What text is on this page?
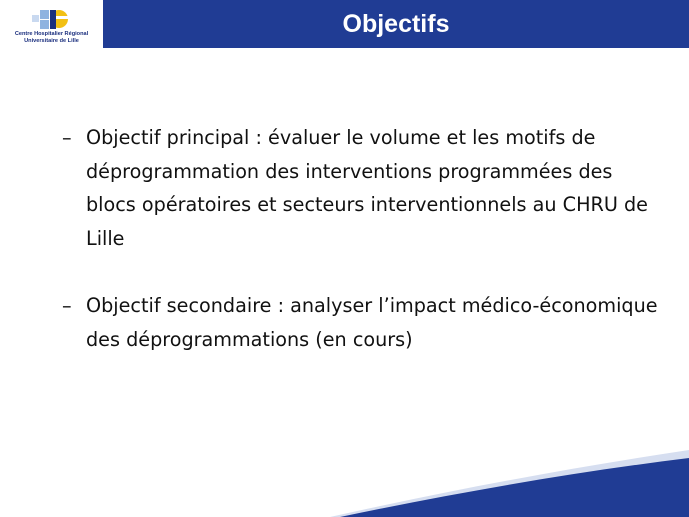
Centre Hospitalier Régional
Universitaire de Lille
Objectifs
– Objectif principal : évaluer le volume et les motifs de déprogrammation des interventions programmées des blocs opératoires et secteurs interventionnels au CHRU de Lille
– Objectif secondaire : analyser l’impact médico-économique des déprogrammations (en cours)
